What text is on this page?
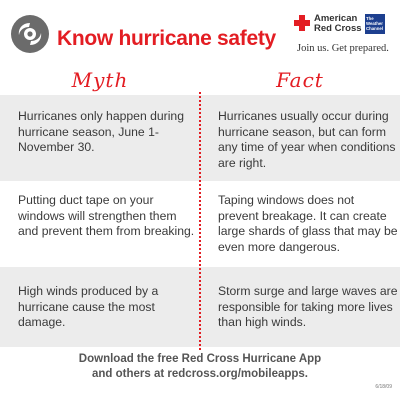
Know hurricane safety
American
Red Cross
The
Weather
Channel
Join us. Get prepared.
Myth	Fact
Hurricanes only happen during hurricane season, June 1-November 30.
Hurricanes usually occur during hurricane season, but can form any time of year when conditions are right.
Putting duct tape on your windows will strengthen them and prevent them from breaking.
Taping windows does not prevent breakage. It can create large shards of glass that may be even more dangerous.
High winds produced by a hurricane cause the most damage.
Storm surge and large waves are responsible for taking more lives than high winds.
Download the free Red Cross Hurricane App
and others at redcross.org/mobileapps.
6/18/09
